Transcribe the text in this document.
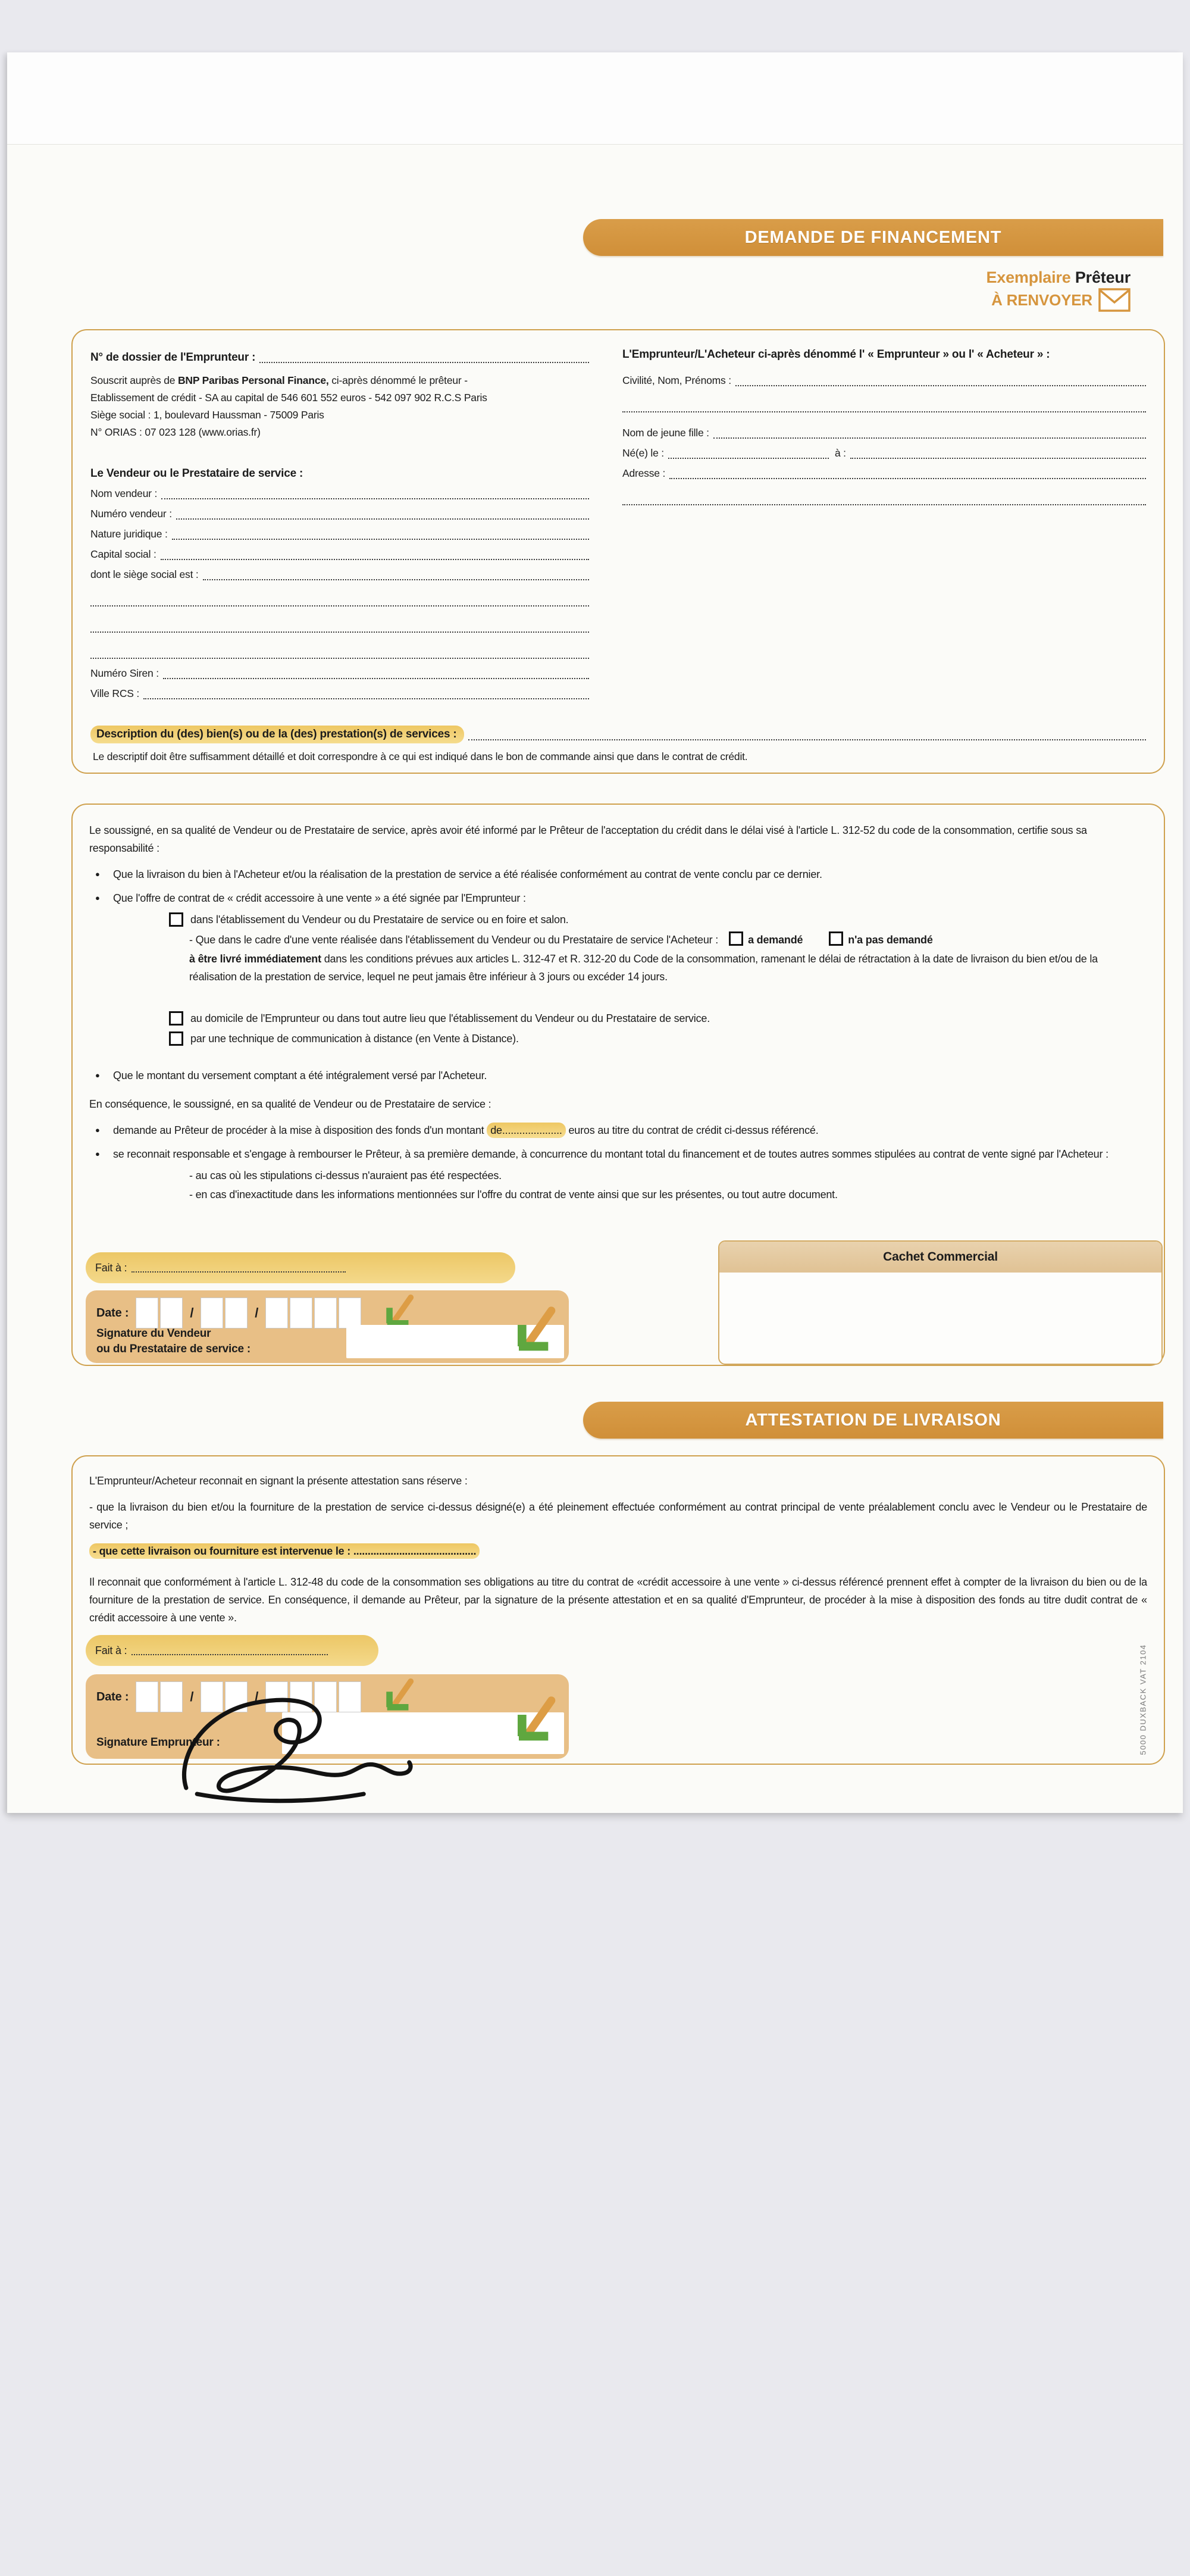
DEMANDE DE FINANCEMENT
Exemplaire Prêteur
À RENVOYER
N° de dossier de l'Emprunteur :

Souscrit auprès de BNP Paribas Personal Finance, ci-après dénommé le prêteur -

Etablissement de crédit - SA au capital de 546 601 552 euros - 542 097 902 R.C.S Paris

Siège social : 1, boulevard Haussman - 75009 Paris

N° ORIAS : 07 023 128 (www.orias.fr)

Le Vendeur ou le Prestataire de service :
Nom vendeur :
Numéro vendeur :
Nature juridique :
Capital social :
dont le siège social est :
Numéro Siren :
Ville RCS :
L'Emprunteur/L'Acheteur ci-après dénommé l' « Emprunteur » ou l' « Acheteur » :
Civilité, Nom, Prénoms :
Nom de jeune fille :
Né(e) le :	à :
Adresse :
Description du (des) bien(s) ou de la (des) prestation(s) de services :

Le descriptif doit être suffisamment détaillé et doit correspondre à ce qui est indiqué dans le bon de commande ainsi que dans le contrat de crédit.

Le soussigné, en sa qualité de Vendeur ou de Prestataire de service, après avoir été informé par le Prêteur de l'acceptation du crédit dans le délai visé à l'article L. 312-52 du code de la consommation, certifie sous sa responsabilité :

● Que la livraison du bien à l'Acheteur et/ou la réalisation de la prestation de service a été réalisée conformément au contrat de vente conclu par ce dernier.
● Que l'offre de contrat de « crédit accessoire à une vente » a été signée par l'Emprunteur :
dans l'établissement du Vendeur ou du Prestataire de service ou en foire et salon.
- Que dans le cadre d'une vente réalisée dans l'établissement du Vendeur ou du Prestataire de service l'Acheteur :	a demandé	n'a pas demandé
à être livré immédiatement dans les conditions prévues aux articles L. 312-47 et R. 312-20 du Code de la consommation, ramenant le délai de rétractation à la date de livraison du bien et/ou de la réalisation de la prestation de service, lequel ne peut jamais être inférieur à 3 jours ou excéder 14 jours.
au domicile de l'Emprunteur ou dans tout autre lieu que l'établissement du Vendeur ou du Prestataire de service.
par une technique de communication à distance (en Vente à Distance).
● Que le montant du versement comptant a été intégralement versé par l'Acheteur.

En conséquence, le soussigné, en sa qualité de Vendeur ou de Prestataire de service :

● demande au Prêteur de procéder à la mise à disposition des fonds d'un montant de..................... euros au titre du contrat de crédit ci-dessus référencé.
● se reconnait responsable et s'engage à rembourser le Prêteur, à sa première demande, à concurrence du montant total du financement et de toutes autres sommes stipulées au contrat de vente signé par l'Acheteur :
- au cas où les stipulations ci-dessus n'auraient pas été respectées.
- en cas d'inexactitude dans les informations mentionnées sur l'offre du contrat de vente ainsi que sur les présentes, ou tout autre document.
Fait à :
Date :	/	/
Signature du Vendeur
ou du Prestataire de service :
Cachet Commercial
ATTESTATION DE LIVRAISON

L'Emprunteur/Acheteur reconnait en signant la présente attestation sans réserve :

- que la livraison du bien et/ou la fourniture de la prestation de service ci-dessus désigné(e) a été pleinement effectuée conformément au contrat principal de vente préalablement conclu avec le Vendeur ou le Prestataire de service ;

- que cette livraison ou fourniture est intervenue le : ...........................................

Il reconnait que conformément à l'article L. 312-48 du code de la consommation ses obligations au titre du contrat de «crédit accessoire à une vente » ci-dessus référencé prennent effet à compter de la livraison du bien ou de la fourniture de la prestation de service. En conséquence, il demande au Prêteur, par la signature de la présente attestation et en sa qualité d'Emprunteur, de procéder à la mise à disposition des fonds au titre dudit contrat de « crédit accessoire à une vente ».

Fait à :
Date :	/	/
Signature Emprunteur :	5000 DUXBACK VAT 2104
